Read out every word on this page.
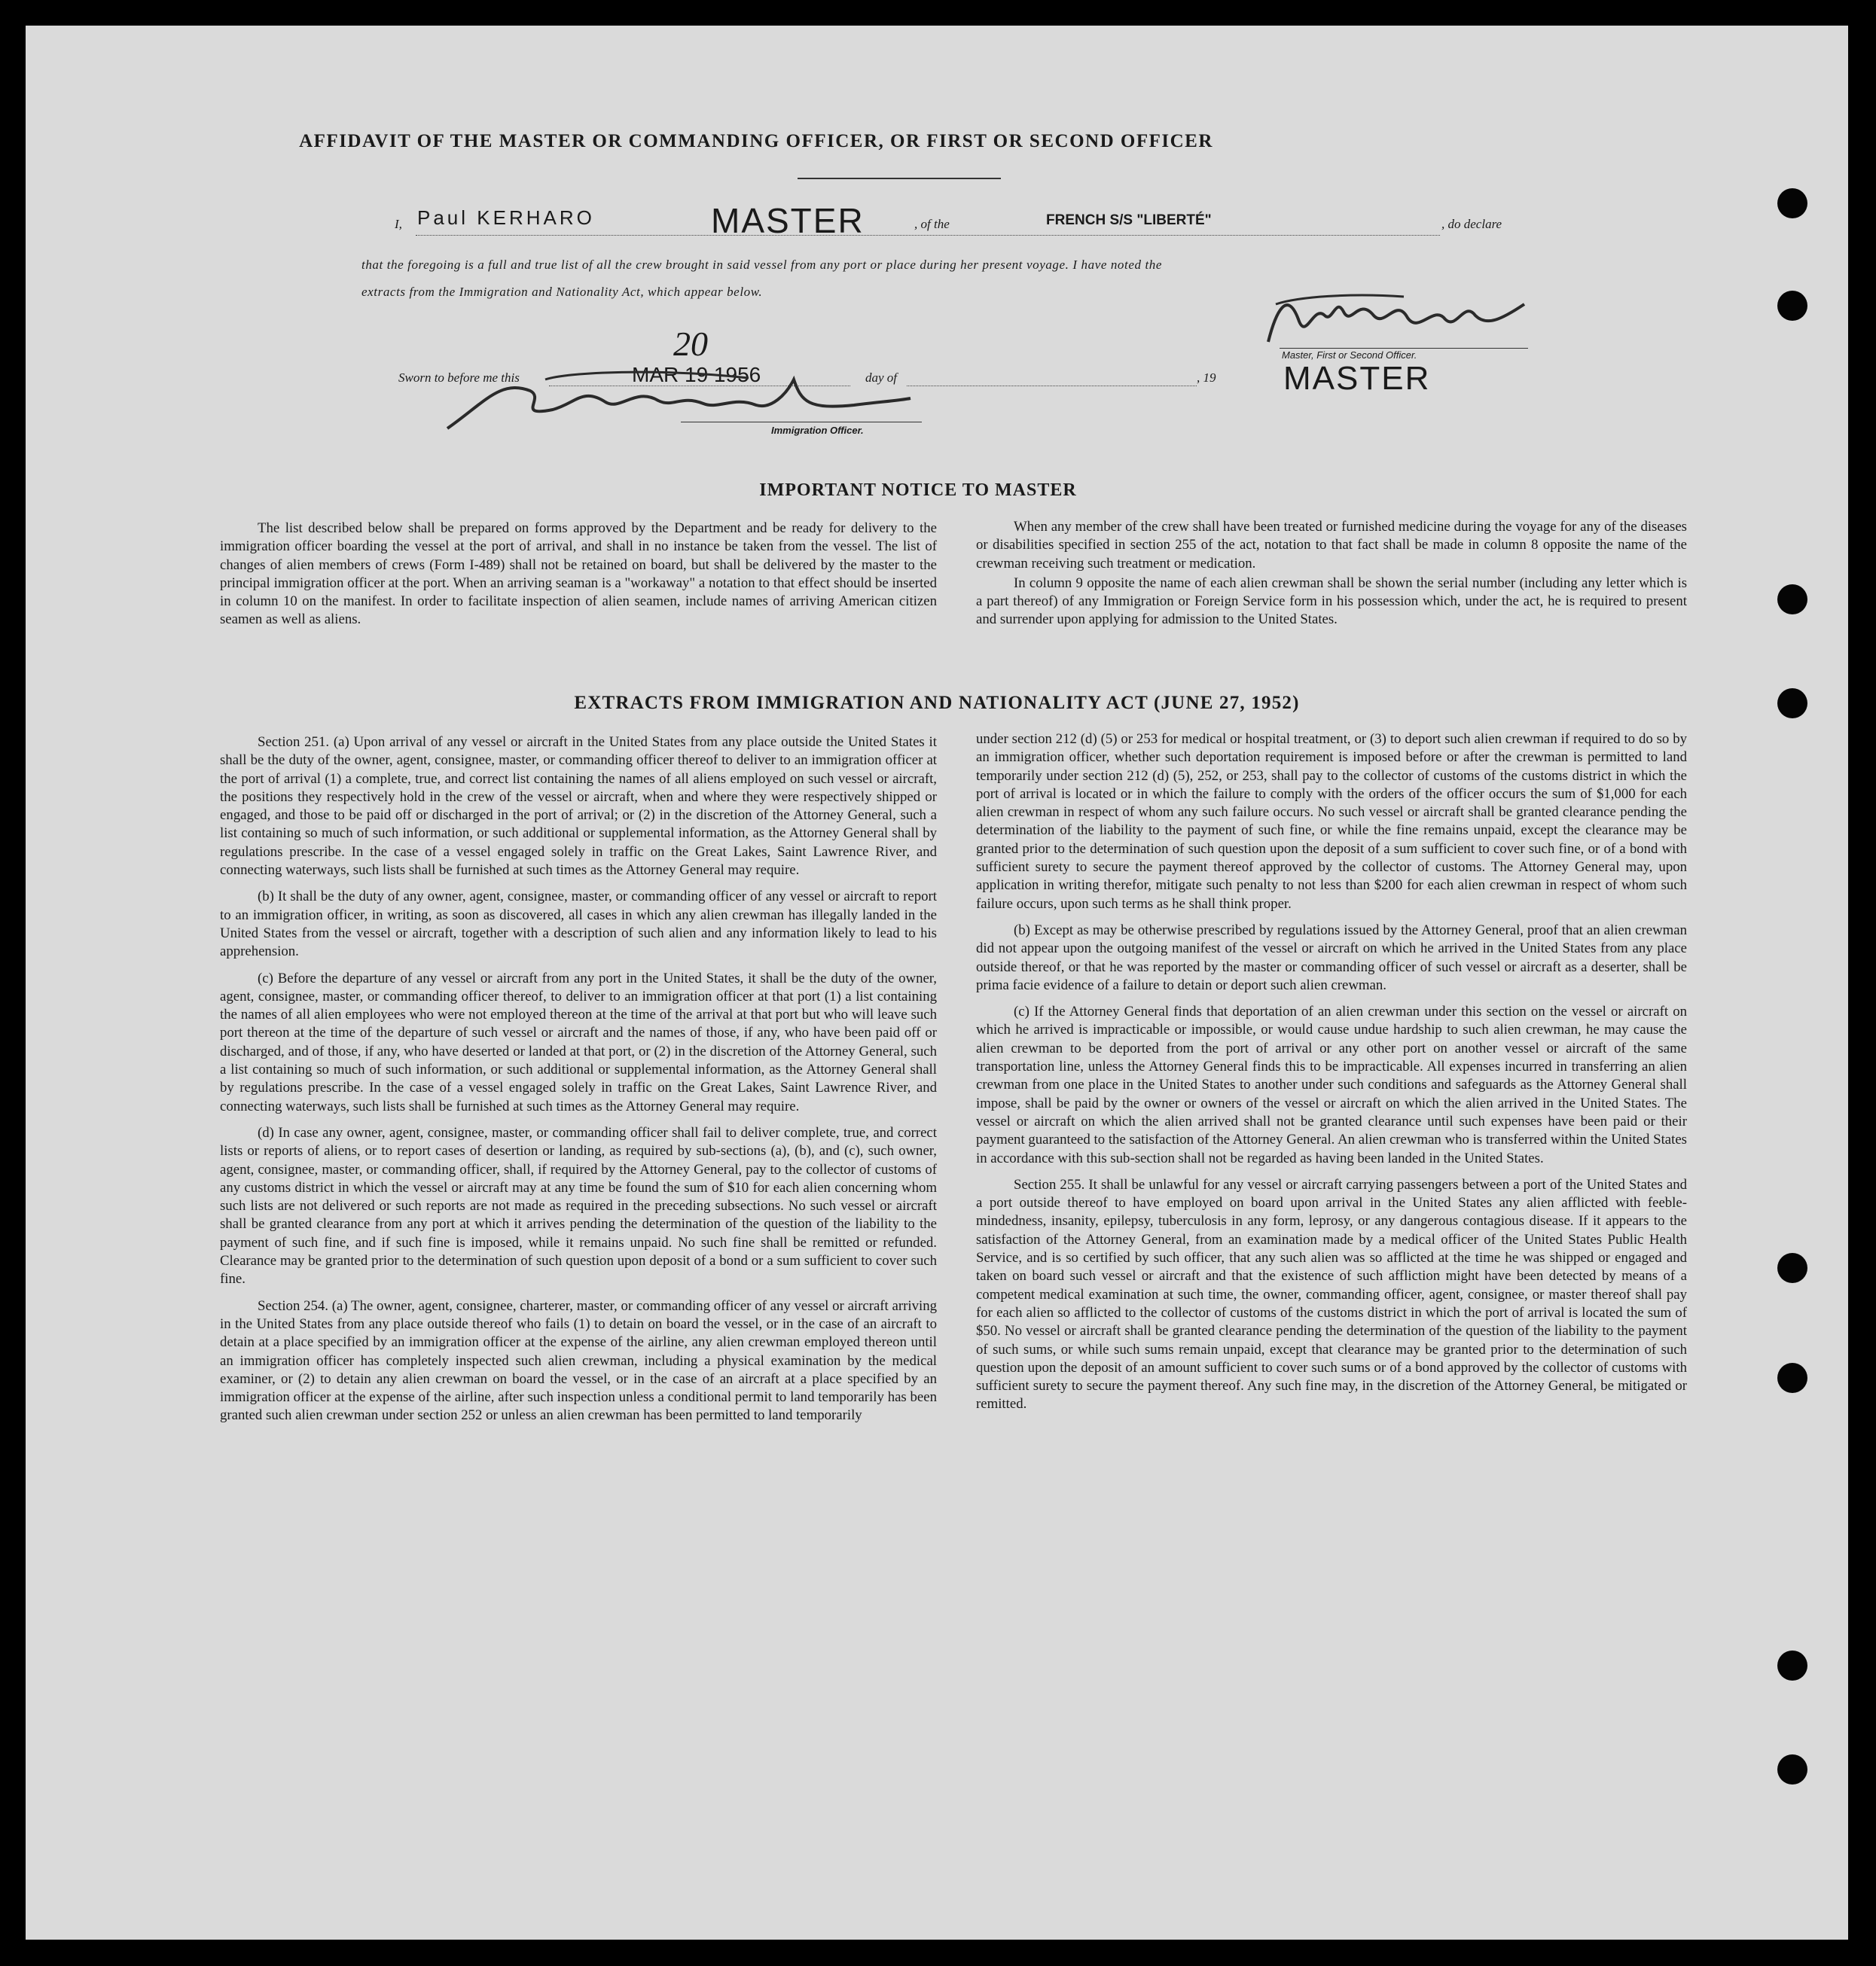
AFFIDAVIT OF THE MASTER OR COMMANDING OFFICER, OR FIRST OR SECOND OFFICER
I, Paul KERHARO	MASTER	, of the	FRENCH S/S "LIBERTÉ"	, do declare
that the foregoing is a full and true list of all the crew brought in said vessel from any port or place during her present voyage. I have noted the
extracts from the Immigration and Nationality Act, which appear below.
Sworn to before me this	MAR 19 1956
20
day of	, 19
Immigration Officer.
Master, First or Second Officer.
MASTER
IMPORTANT NOTICE TO MASTER

The list described below shall be prepared on forms approved by the Department and be ready for delivery to the immigration officer boarding the vessel at the port of arrival, and shall in no instance be taken from the vessel. The list of changes of alien members of crews (Form I-489) shall not be retained on board, but shall be delivered by the master to the principal immigration officer at the port. When an arriving seaman is a "workaway" a notation to that effect should be inserted in column 10 on the manifest. In order to facilitate inspection of alien seamen, include names of arriving American citizen seamen as well as aliens.

When any member of the crew shall have been treated or furnished medicine during the voyage for any of the diseases or disabilities specified in section 255 of the act, notation to that fact shall be made in column 8 opposite the name of the crewman receiving such treatment or medication.

In column 9 opposite the name of each alien crewman shall be shown the serial number (including any letter which is a part thereof) of any Immigration or Foreign Service form in his possession which, under the act, he is required to present and surrender upon applying for admission to the United States.

EXTRACTS FROM IMMIGRATION AND NATIONALITY ACT (JUNE 27, 1952)

Section 251. (a) Upon arrival of any vessel or aircraft in the United States from any place outside the United States it shall be the duty of the owner, agent, consignee, master, or commanding officer thereof to deliver to an immigration officer at the port of arrival (1) a complete, true, and correct list containing the names of all aliens employed on such vessel or aircraft, the positions they respectively hold in the crew of the vessel or aircraft, when and where they were respectively shipped or engaged, and those to be paid off or discharged in the port of arrival; or (2) in the discretion of the Attorney General, such a list containing so much of such information, or such additional or supplemental information, as the Attorney General shall by regulations prescribe. In the case of a vessel engaged solely in traffic on the Great Lakes, Saint Lawrence River, and connecting waterways, such lists shall be furnished at such times as the Attorney General may require.

(b) It shall be the duty of any owner, agent, consignee, master, or commanding officer of any vessel or aircraft to report to an immigration officer, in writing, as soon as discovered, all cases in which any alien crewman has illegally landed in the United States from the vessel or aircraft, together with a description of such alien and any information likely to lead to his apprehension.

(c) Before the departure of any vessel or aircraft from any port in the United States, it shall be the duty of the owner, agent, consignee, master, or commanding officer thereof, to deliver to an immigration officer at that port (1) a list containing the names of all alien employees who were not employed thereon at the time of the arrival at that port but who will leave such port thereon at the time of the departure of such vessel or aircraft and the names of those, if any, who have been paid off or discharged, and of those, if any, who have deserted or landed at that port, or (2) in the discretion of the Attorney General, such a list containing so much of such information, or such additional or supplemental information, as the Attorney General shall by regulations prescribe. In the case of a vessel engaged solely in traffic on the Great Lakes, Saint Lawrence River, and connecting waterways, such lists shall be furnished at such times as the Attorney General may require.

(d) In case any owner, agent, consignee, master, or commanding officer shall fail to deliver complete, true, and correct lists or reports of aliens, or to report cases of desertion or landing, as required by sub-sections (a), (b), and (c), such owner, agent, consignee, master, or commanding officer, shall, if required by the Attorney General, pay to the collector of customs of any customs district in which the vessel or aircraft may at any time be found the sum of $10 for each alien concerning whom such lists are not delivered or such reports are not made as required in the preceding subsections. No such vessel or aircraft shall be granted clearance from any port at which it arrives pending the determination of the question of the liability to the payment of such fine, and if such fine is imposed, while it remains unpaid. No such fine shall be remitted or refunded. Clearance may be granted prior to the determination of such question upon deposit of a bond or a sum sufficient to cover such fine.

Section 254. (a) The owner, agent, consignee, charterer, master, or commanding officer of any vessel or aircraft arriving in the United States from any place outside thereof who fails (1) to detain on board the vessel, or in the case of an aircraft to detain at a place specified by an immigration officer at the expense of the airline, any alien crewman employed thereon until an immigration officer has completely inspected such alien crewman, including a physical examination by the medical examiner, or (2) to detain any alien crewman on board the vessel, or in the case of an aircraft at a place specified by an immigration officer at the expense of the airline, after such inspection unless a conditional permit to land temporarily has been granted such alien crewman under section 252 or unless an alien crewman has been permitted to land temporarily

under section 212 (d) (5) or 253 for medical or hospital treatment, or (3) to deport such alien crewman if required to do so by an immigration officer, whether such deportation requirement is imposed before or after the crewman is permitted to land temporarily under section 212 (d) (5), 252, or 253, shall pay to the collector of customs of the customs district in which the port of arrival is located or in which the failure to comply with the orders of the officer occurs the sum of $1,000 for each alien crewman in respect of whom any such failure occurs. No such vessel or aircraft shall be granted clearance pending the determination of the liability to the payment of such fine, or while the fine remains unpaid, except the clearance may be granted prior to the determination of such question upon the deposit of a sum sufficient to cover such fine, or of a bond with sufficient surety to secure the payment thereof approved by the collector of customs. The Attorney General may, upon application in writing therefor, mitigate such penalty to not less than $200 for each alien crewman in respect of whom such failure occurs, upon such terms as he shall think proper.

(b) Except as may be otherwise prescribed by regulations issued by the Attorney General, proof that an alien crewman did not appear upon the outgoing manifest of the vessel or aircraft on which he arrived in the United States from any place outside thereof, or that he was reported by the master or commanding officer of such vessel or aircraft as a deserter, shall be prima facie evidence of a failure to detain or deport such alien crewman.

(c) If the Attorney General finds that deportation of an alien crewman under this section on the vessel or aircraft on which he arrived is impracticable or impossible, or would cause undue hardship to such alien crewman, he may cause the alien crewman to be deported from the port of arrival or any other port on another vessel or aircraft of the same transportation line, unless the Attorney General finds this to be impracticable. All expenses incurred in transferring an alien crewman from one place in the United States to another under such conditions and safeguards as the Attorney General shall impose, shall be paid by the owner or owners of the vessel or aircraft on which the alien arrived in the United States. The vessel or aircraft on which the alien arrived shall not be granted clearance until such expenses have been paid or their payment guaranteed to the satisfaction of the Attorney General. An alien crewman who is transferred within the United States in accordance with this sub-section shall not be regarded as having been landed in the United States.

Section 255. It shall be unlawful for any vessel or aircraft carrying passengers between a port of the United States and a port outside thereof to have employed on board upon arrival in the United States any alien afflicted with feeble-mindedness, insanity, epilepsy, tuberculosis in any form, leprosy, or any dangerous contagious disease. If it appears to the satisfaction of the Attorney General, from an examination made by a medical officer of the United States Public Health Service, and is so certified by such officer, that any such alien was so afflicted at the time he was shipped or engaged and taken on board such vessel or aircraft and that the existence of such affliction might have been detected by means of a competent medical examination at such time, the owner, commanding officer, agent, consignee, or master thereof shall pay for each alien so afflicted to the collector of customs of the customs district in which the port of arrival is located the sum of $50. No vessel or aircraft shall be granted clearance pending the determination of the question of the liability to the payment of such sums, or while such sums remain unpaid, except that clearance may be granted prior to the determination of such question upon the deposit of an amount sufficient to cover such sums or of a bond approved by the collector of customs with sufficient surety to secure the payment thereof. Any such fine may, in the discretion of the Attorney General, be mitigated or remitted.
